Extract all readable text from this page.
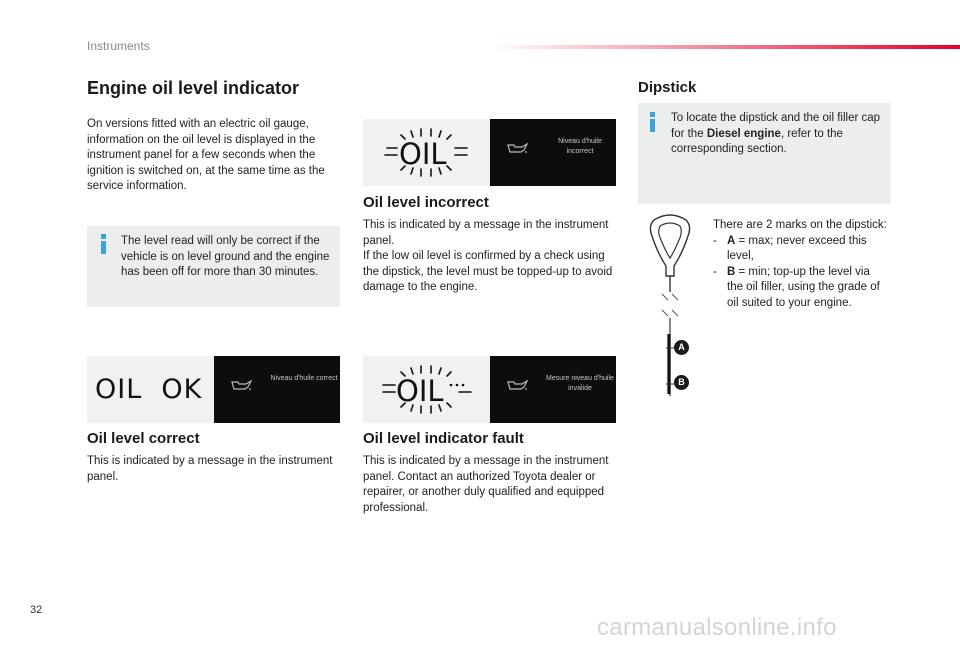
Instruments
Engine oil level indicator

On versions fitted with an electric oil gauge, information on the oil level is displayed in the instrument panel for a few seconds when the ignition is switched on, at the same time as the service information.

The level read will only be correct if the vehicle is on level ground and the engine has been off for more than 30 minutes.

OIL  OK	Niveau d'huile correct
Oil level correct

This is indicated by a message in the instrument panel.

OIL	Niveau d'huile incorrect
Oil level incorrect

This is indicated by a message in the instrument panel.

If the low oil level is confirmed by a check using the dipstick, the level must be topped-up to avoid damage to the engine.

OIL	Mesure niveau d'huile invalide
Oil level indicator fault

This is indicated by a message in the instrument panel. Contact an authorized Toyota dealer or repairer, or another duly qualified and equipped professional.

Dipstick

To locate the dipstick and the oil filler cap for the Diesel engine, refer to the corresponding section.

A
B

There are 2 marks on the dipstick:

- A = max; never exceed this level,

- B = min; top-up the level via the oil filler, using the grade of oil suited to your engine.

32
carmanualsonline.info
